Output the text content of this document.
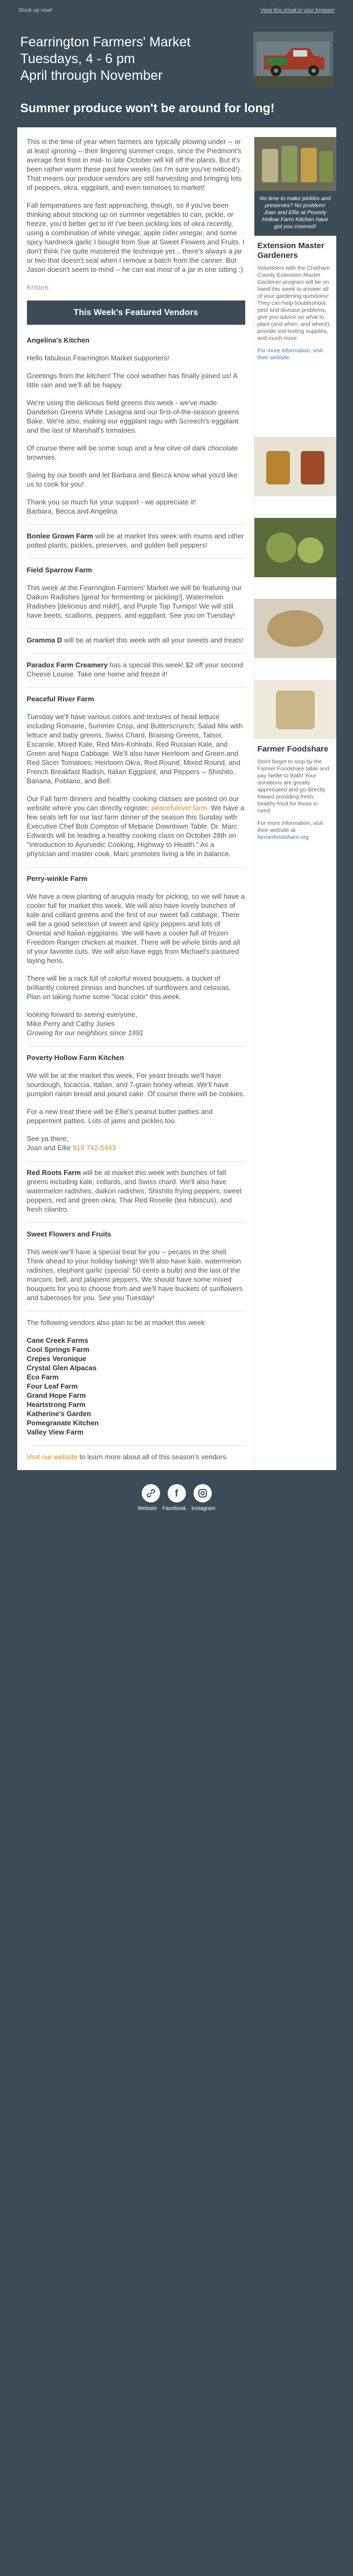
Stock up now!	View this email in your browser
Fearrington Farmers' Market
Tuesdays, 4 - 6 pm
April through November
Summer produce won't be around for long!

This is the time of year when farmers are typically plowing under -- or at least ignoring -- their lingering summer crops, since the Piedmont's average first frost in mid- to late October will kill off the plants. But it's been rather warm these past few weeks (as I'm sure you've noticed!). That means our produce vendors are still harvesting and bringing lots of peppers, okra, eggplant, and even tomatoes to market!

Fall temperatures are fast approaching, though, so if you've been thinking about stocking up on summer vegetables to can, pickle, or freeze, you'd better get to it! I've been pickling lots of okra recently, using a combination of white vinegar, apple cider vinegar, and some spicy hardneck garlic I bought from Sue at Sweet Flowers and Fruits. I don't think I've quite mastered the technique yet... there's always a jar or two that doesn't seal when I remove a batch from the canner. But Jason doesn't seem to mind -- he can eat most of a jar in one sitting :)

Kristen

This Week's Featured Vendors

Angelina's Kitchen

Hello fabulous Fearrington Market supporters!

Greetings from the kitchen! The cool weather has finally joined us! A little rain and we'll all be happy.

We're using the delicious field greens this week - we've made Dandelion Greens White Lasagna and our first-of-the-season greens Bake. We're also, making our eggplant ragu with Screech's eggplant and the last of Marshall's tomatoes.

Of course there will be some soup and a few olive oil dark chocolate brownies.

Swing by our booth and let Barbara and Becca know what you'd like us to cook for you!

Thank you so much for your support - we appreciate it!
Barbara, Becca and Angelina

Bonlee Grown Farm will be at market this week with mums and other potted plants, pickles, preserves, and golden bell peppers!

Field Sparrow Farm

This week at the Fearrington Farmers' Market we will be featuring our Daikon Radishes [great for fermenting or pickling!], Watermelon Radishes [delicious and mild!], and Purple Top Turnips! We will still have beets, scallions, peppers, and eggplant. See you on Tuesday!

Gramma D will be at market this week with all your sweets and treats!

Paradox Farm Creamery has a special this week! $2 off your second Cheese Louise. Take one home and freeze it!

Peaceful River Farm

Tuesday we'll have various colors and textures of head lettuce including Romaine, Summer Crisp, and Butterscrunch; Salad Mix with lettuce and baby greens, Swiss Chard, Braising Greens, Tatsoi, Escarole, Mixed Kale, Red Mini-Kohlrabi, Red Russian Kale, and Green and Napa Cabbage. We'll also have Heirloom and Green and Red Slicer Tomatoes, Heirloom Okra, Red Round, Mixed Round, and French Breakfast Radish, Italian Eggplant, and Peppers -- Shishito, Banana, Poblano, and Bell.

Our Fall farm dinners and healthy cooking classes are posted on our website where you can directly register: peacefulriver.farm. We have a few seats left for our last farm dinner of the season this Sunday with Executive Chef Bob Compton of Mebane Downtown Table. Dr. Marc Edwards will be leading a healthy cooking class on October 28th on "Introduction to Ayurvedic Cooking, Highway to Health." As a physician and master cook, Marc promotes living a life in balance.

Perry-winkle Farm

We have a new planting of arugula ready for picking, so we will have a cooler full for market this week. We will also have lovely bunches of kale and collard greens and the first of our sweet fall cabbage. There will be a good selection of sweet and spicy peppers and lots of Oriental and Italian eggplants. We will have a cooler full of frozen Freedom Ranger chicken at market. There will be whole birds and all of your favorite cuts. We will also have eggs from Michael's pastured laying hens.

There will be a rack full of colorful mixed bouquets, a bucket of brilliantly colored zinnias and bunches of sunflowers and celosias. Plan on taking home some "local color" this week.

looking forward to seeing everyone,
Mike Perry and Cathy Jones
Growing for our neighbors since 1991

Poverty Hollow Farm Kitchen

We will be at the market this week. For yeast breads we'll have sourdough, focaccia, Italian, and 7-grain honey wheat. We'll have pumpkin raisin bread and pound cake. Of course there will be cookies.

For a new treat there will be Ellie's peanut butter patties and peppermint patties. Lots of jams and pickles too.

See ya there,
Joan and Ellie 919 742-5443

Red Roots Farm will be at market this week with bunches of fall greens including kale, collards, and Swiss chard. We'll also have watermelon radishes, daikon radishes, Shishito frying peppers, sweet peppers, red and green okra, Thai Red Roselle (tea hibiscus), and fresh cilantro.

Sweet Flowers and Fruits

This week we'll have a special treat for you -- pecans in the shell. Think ahead to your holiday baking! We'll also have kale, watermelon radishes, elephant garlic (special: 50 cents a bulb) and the last of the marconi, bell, and jalapeno peppers. We should have some mixed bouquets for you to choose from and we'll have buckets of sunflowers and tuberoses for you. See you Tuesday!

The following vendors also plan to be at market this week:

Cane Creek Farms
Cool Springs Farm
Crepes Veronique
Crystal Glen Alpacas
Eco Farm
Four Leaf Farm
Grand Hope Farm
Heartstrong Farm
Katherine's Garden
Pomegranate Kitchen
Valley View Farm

Visit our website to learn more about all of this season's vendors.

No time to make pickles and preserves? No problem! Joan and Ellie at Poverty Hollow Farm Kitchen have got you covered!
Extension Master Gardeners

Volunteers with the Chatham County Extension Master Gardener program will be on hand this week to answer all of your gardening questions! They can help troubleshoot pest and disease problems, give you advice on what to plant (and when, and where), provide soil testing supplies, and much more.

For more information, visit their website.

Farmer Foodshare

Don't forget to stop by the Farmer Foodshare table and pay Nellie to Bath! Your donations are greatly appreciated and go directly toward providing fresh, healthy food for those in need.

For more information, visit their website at farmerfoodshare.org

f
Website Facebook Instagram
